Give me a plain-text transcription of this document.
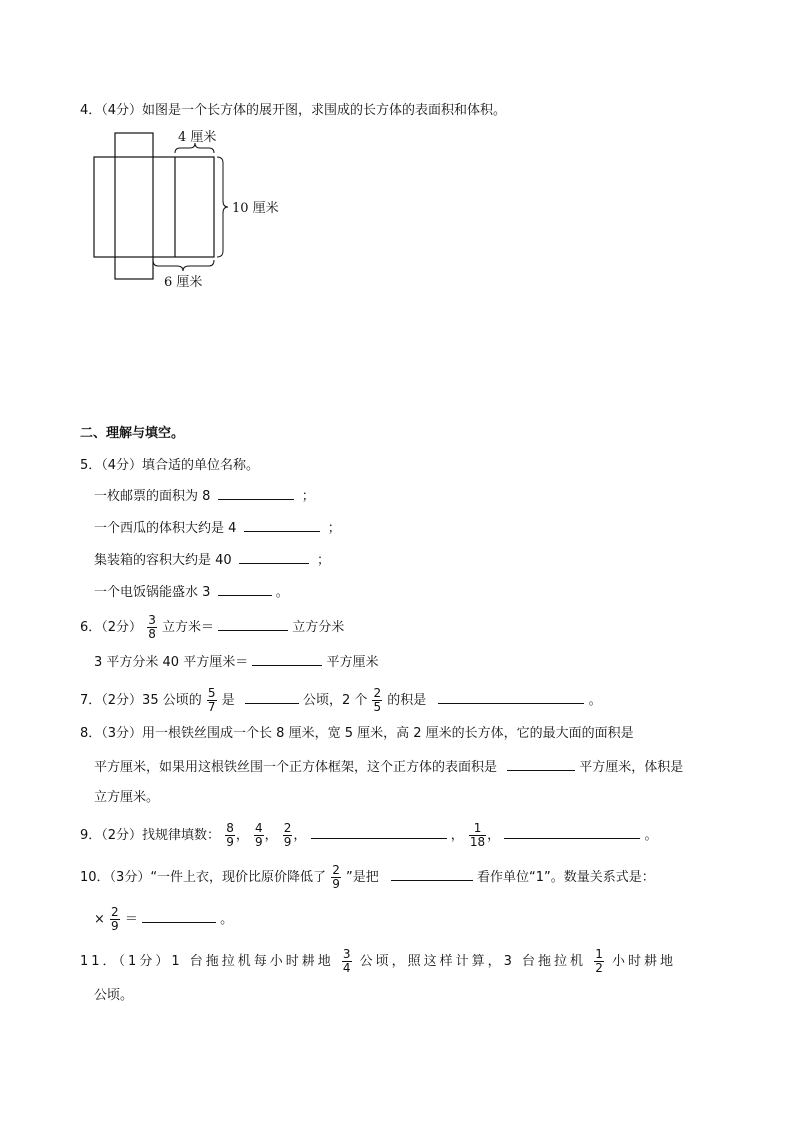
4．（4分）如图是一个长方体的展开图，求围成的长方体的表面积和体积。
4 厘米
10 厘米
6 厘米
二、理解与填空。
5．（4分）填合适的单位名称。
一枚邮票的面积为 8	；
一个西瓜的体积大约是 4	；
集装箱的容积大约是 40	；
一个电饭锅能盛水 3	。
6．（2分） $\frac{3}{8}$ 立方米＝	立方分米
3 平方分米 40 平方厘米＝	平方厘米
7．（2分）35 公顷的 $\frac{5}{7}$ 是	公顷，2 个 $\frac{2}{5}$ 的积是	。
8．（3分）用一根铁丝围成一个长 8 厘米，宽 5 厘米，高 2 厘米的长方体，它的最大面的面积是
平方厘米，如果用这根铁丝围一个正方体框架，这个正方体的表面积是	平方厘米，体积是
立方厘米。
9．（2分）找规律填数： $\frac{8}{9}$ ， $\frac{4}{9}$ ， $\frac{2}{9}$ ，	， $\frac{1}{18}$ ，	。
10．（3分）“一件上衣，现价比原价降低了 $\frac{2}{9}$ ”是把	看作单位“1”。数量关系式是：
× $\frac{2}{9}$ ＝	。
11．（1分）1 台拖拉机每小时耕地 $\frac{3}{4}$ 公顷，照这样计算，3 台拖拉机 $\frac{1}{2}$ 小时耕地
公顷。
